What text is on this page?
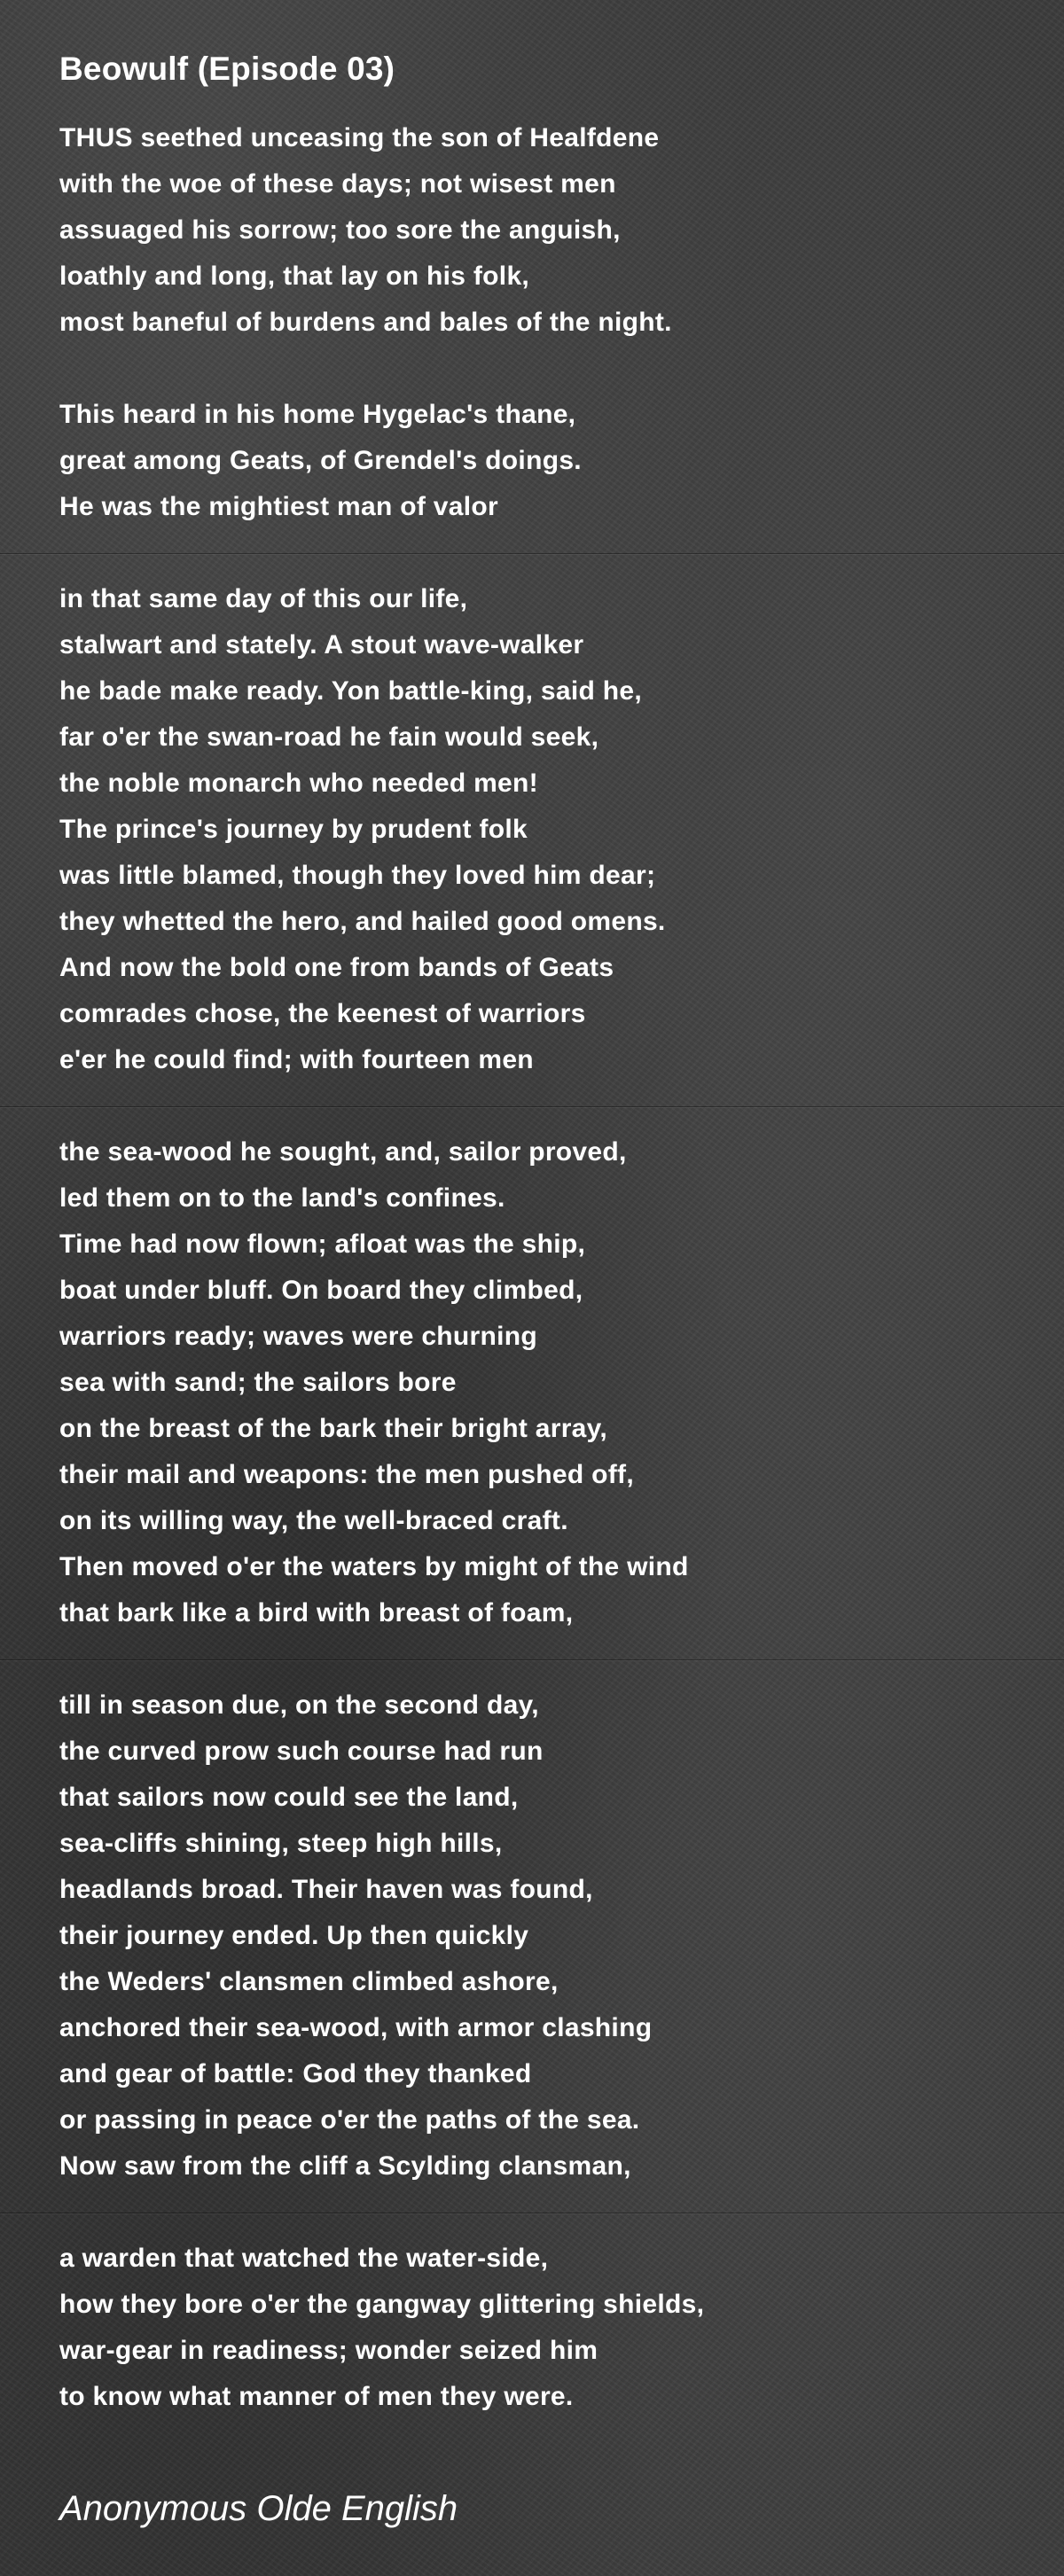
Beowulf (Episode 03)
THUS seethed unceasing the son of Healfdene
with the woe of these days; not wisest men
assuaged his sorrow; too sore the anguish,
loathly and long, that lay on his folk,
most baneful of burdens and bales of the night.
This heard in his home Hygelac's thane,
great among Geats, of Grendel's doings.
He was the mightiest man of valor
in that same day of this our life,
stalwart and stately. A stout wave-walker
he bade make ready. Yon battle-king, said he,
far o'er the swan-road he fain would seek,
the noble monarch who needed men!
The prince's journey by prudent folk
was little blamed, though they loved him dear;
they whetted the hero, and hailed good omens.
And now the bold one from bands of Geats
comrades chose, the keenest of warriors
e'er he could find; with fourteen men
the sea-wood he sought, and, sailor proved,
led them on to the land's confines.
Time had now flown; afloat was the ship,
boat under bluff. On board they climbed,
warriors ready; waves were churning
sea with sand; the sailors bore
on the breast of the bark their bright array,
their mail and weapons: the men pushed off,
on its willing way, the well-braced craft.
Then moved o'er the waters by might of the wind
that bark like a bird with breast of foam,
till in season due, on the second day,
the curved prow such course had run
that sailors now could see the land,
sea-cliffs shining, steep high hills,
headlands broad. Their haven was found,
their journey ended. Up then quickly
the Weders' clansmen climbed ashore,
anchored their sea-wood, with armor clashing
and gear of battle: God they thanked
or passing in peace o'er the paths of the sea.
Now saw from the cliff a Scylding clansman,
a warden that watched the water-side,
how they bore o'er the gangway glittering shields,
war-gear in readiness; wonder seized him
to know what manner of men they were.
Anonymous Olde English
